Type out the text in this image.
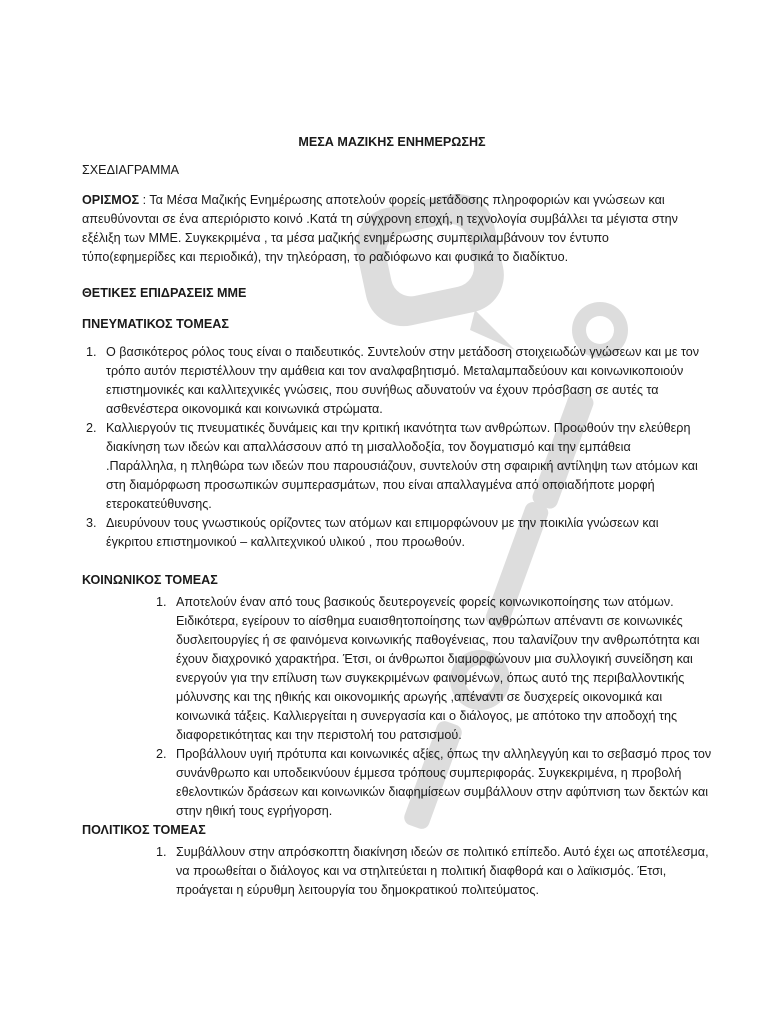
ΜΕΣΑ ΜΑΖΙΚΗΣ ΕΝΗΜΕΡΩΣΗΣ
ΣΧΕΔΙΑΓΡΑΜΜΑ
ΟΡΙΣΜΟΣ : Τα Μέσα Μαζικής Ενημέρωσης αποτελούν φορείς μετάδοσης πληροφοριών και γνώσεων και απευθύνονται σε ένα απεριόριστο κοινό .Κατά τη σύγχρονη εποχή, η τεχνολογία συμβάλλει τα μέγιστα στην εξέλιξη των ΜΜΕ. Συγκεκριμένα , τα μέσα μαζικής ενημέρωσης συμπεριλαμβάνουν τον έντυπο τύπο(εφημερίδες και περιοδικά), την τηλεόραση, το ραδιόφωνο και φυσικά το διαδίκτυο.
ΘΕΤΙΚΕΣ ΕΠΙΔΡΑΣΕΙΣ ΜΜΕ
ΠΝΕΥΜΑΤΙΚΟΣ ΤΟΜΕΑΣ
1. Ο βασικότερος ρόλος τους είναι ο παιδευτικός. Συντελούν στην μετάδοση στοιχειωδών γνώσεων και με τον τρόπο αυτόν περιστέλλουν την αμάθεια και τον αναλφαβητισμό. Μεταλαμπαδεύουν και κοινωνικοποιούν επιστημονικές και καλλιτεχνικές γνώσεις, που συνήθως αδυνατούν να έχουν πρόσβαση σε αυτές τα ασθενέστερα οικονομικά και κοινωνικά στρώματα.
2. Καλλιεργούν τις πνευματικές δυνάμεις και την κριτική ικανότητα των ανθρώπων. Προωθούν την ελεύθερη διακίνηση των ιδεών και απαλλάσσουν από τη μισαλλοδοξία, τον δογματισμό και την εμπάθεια .Παράλληλα, η πληθώρα των ιδεών που παρουσιάζουν, συντελούν στη σφαιρική αντίληψη των ατόμων και στη διαμόρφωση προσωπικών συμπερασμάτων, που είναι απαλλαγμένα από οποιαδήποτε μορφή ετεροκατεύθυνσης.
3. Διευρύνουν τους γνωστικούς ορίζοντες των ατόμων και επιμορφώνουν με την ποικιλία γνώσεων και έγκριτου επιστημονικού – καλλιτεχνικού υλικού , που προωθούν.
ΚΟΙΝΩΝΙΚΟΣ ΤΟΜΕΑΣ
1. Αποτελούν έναν από τους βασικούς δευτερογενείς φορείς κοινωνικοποίησης των ατόμων. Ειδικότερα, εγείρουν το αίσθημα ευαισθητοποίησης των ανθρώπων απέναντι σε κοινωνικές δυσλειτουργίες ή σε φαινόμενα κοινωνικής παθογένειας, που ταλανίζουν την ανθρωπότητα και έχουν διαχρονικό χαρακτήρα. Έτσι, οι άνθρωποι διαμορφώνουν μια συλλογική συνείδηση και ενεργούν για την επίλυση των συγκεκριμένων φαινομένων, όπως αυτό της περιβαλλοντικής μόλυνσης και της ηθικής και οικονομικής αρωγής ,απέναντι σε δυσχερείς οικονομικά και κοινωνικά τάξεις. Καλλιεργείται η συνεργασία και ο διάλογος, με απότοκο την αποδοχή της διαφορετικότητας και την περιστολή του ρατσισμού.
2. Προβάλλουν υγιή πρότυπα και κοινωνικές αξίες, όπως την αλληλεγγύη και το σεβασμό προς τον συνάνθρωπο και υποδεικνύουν έμμεσα τρόπους συμπεριφοράς. Συγκεκριμένα, η προβολή εθελοντικών δράσεων και κοινωνικών διαφημίσεων συμβάλλουν στην αφύπνιση των δεκτών και στην ηθική τους εγρήγορση.
ΠΟΛΙΤΙΚΟΣ ΤΟΜΕΑΣ
1. Συμβάλλουν στην απρόσκοπτη διακίνηση ιδεών σε πολιτικό επίπεδο. Αυτό έχει ως αποτέλεσμα, να προωθείται ο διάλογος και να στηλιτεύεται η πολιτική διαφθορά και ο λαϊκισμός. Έτσι, προάγεται η εύρυθμη λειτουργία του δημοκρατικού πολιτεύματος.
